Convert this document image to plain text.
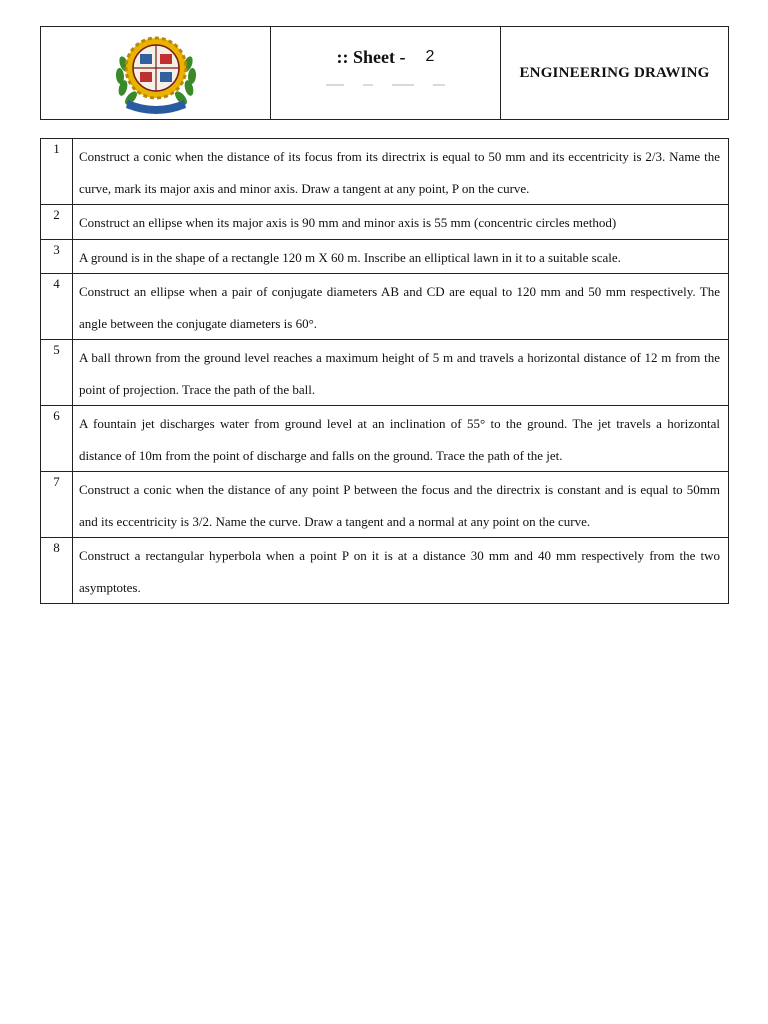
:: Sheet - 2
ENGINEERING DRAWING
1	Construct a conic when the distance of its focus from its directrix is equal to 50 mm and its eccentricity is 2/3. Name the curve, mark its major axis and minor axis. Draw a tangent at any point, P on the curve.
2	Construct an ellipse when its major axis is 90 mm and minor axis is 55 mm (concentric circles method)
3	A ground is in the shape of a rectangle 120 m X 60 m. Inscribe an elliptical lawn in it to a suitable scale.
4	Construct an ellipse when a pair of conjugate diameters AB and CD are equal to 120 mm and 50 mm respectively. The angle between the conjugate diameters is 60°.
5	A ball thrown from the ground level reaches a maximum height of 5 m and travels a horizontal distance of 12 m from the point of projection. Trace the path of the ball.
6	A fountain jet discharges water from ground level at an inclination of 55° to the ground. The jet travels a horizontal distance of 10m from the point of discharge and falls on the ground. Trace the path of the jet.
7	Construct a conic when the distance of any point P between the focus and the directrix is constant and is equal to 50mm and its eccentricity is 3/2. Name the curve. Draw a tangent and a normal at any point on the curve.
8	Construct a rectangular hyperbola when a point P on it is at a distance 30 mm and 40 mm respectively from the two asymptotes.
